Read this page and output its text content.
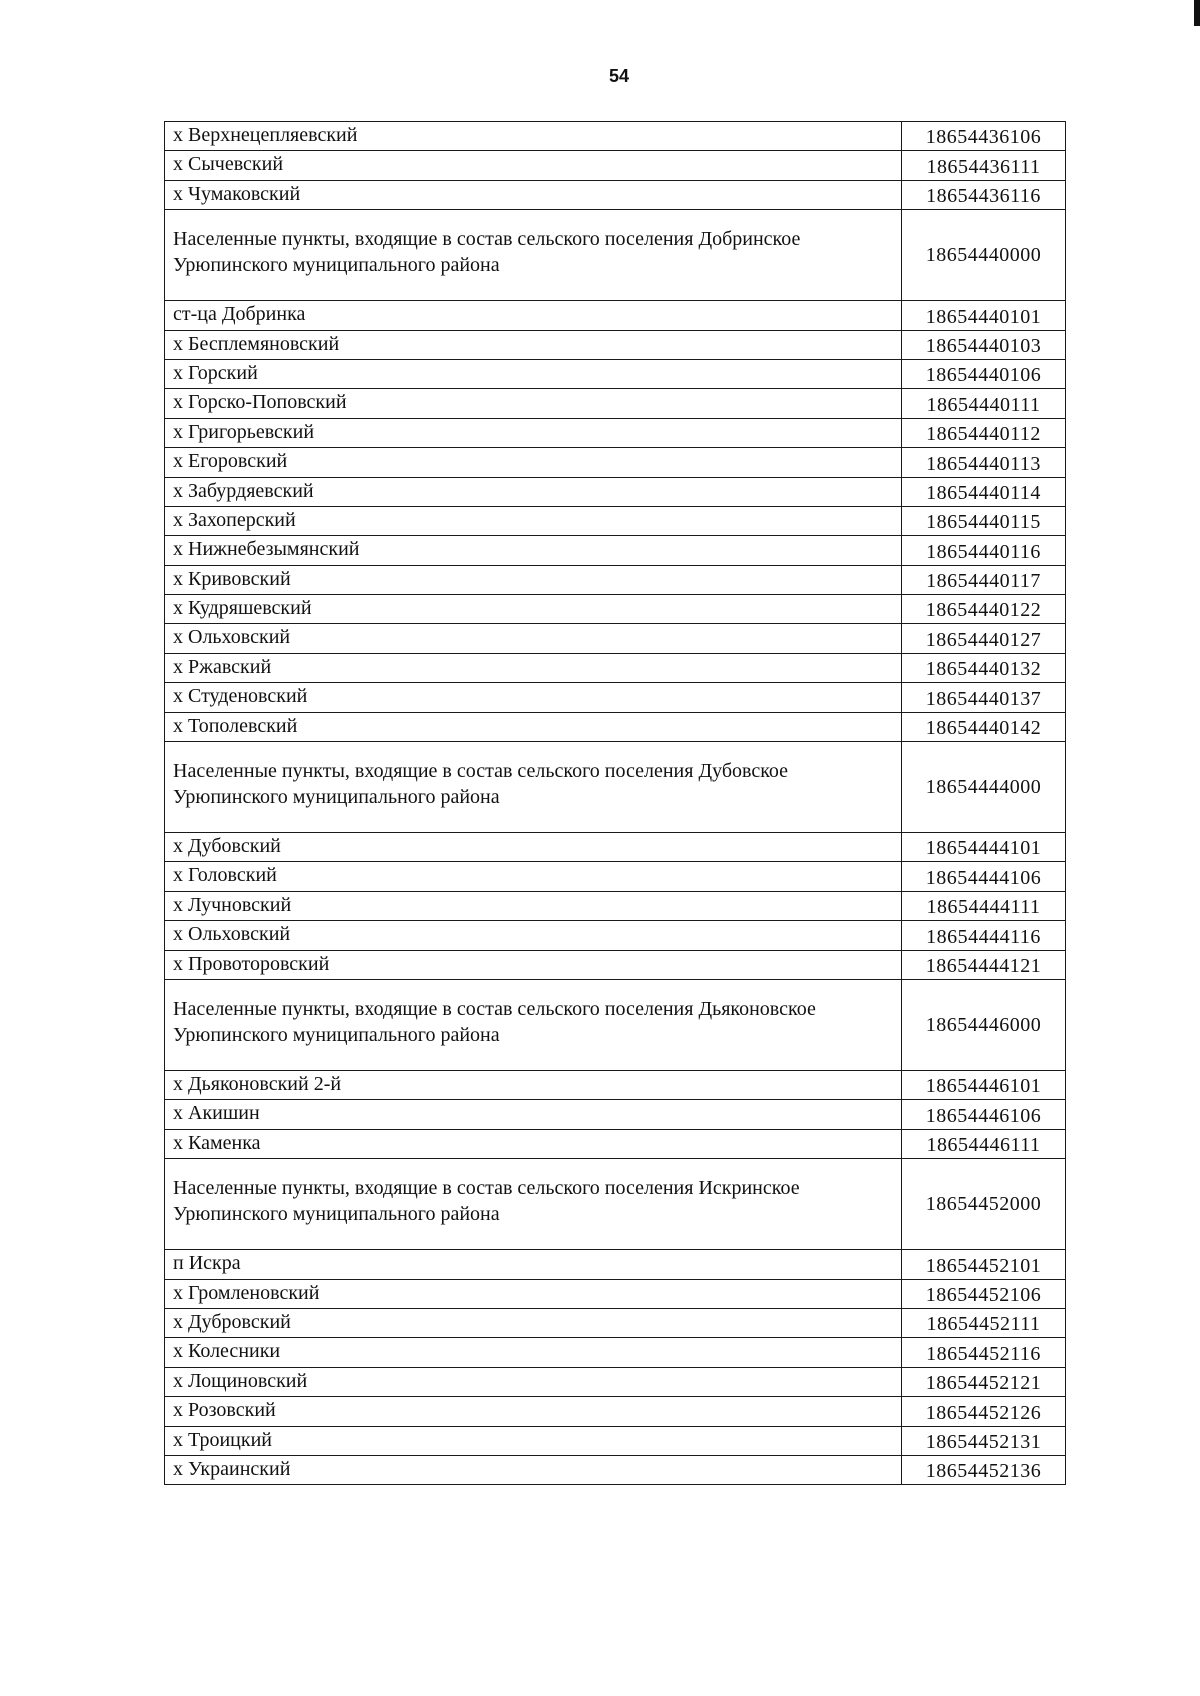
54
х Верхнецепляевский	18654436106
х Сычевский	18654436111
х Чумаковский	18654436116
Населенные пункты, входящие в состав сельского поселения Добринское Урюпинского муниципального района	18654440000
ст-ца Добринка	18654440101
х Бесплемяновский	18654440103
х Горский	18654440106
х Горско-Поповский	18654440111
х Григорьевский	18654440112
х Егоровский	18654440113
х Забурдяевский	18654440114
х Захоперский	18654440115
х Нижнебезымянский	18654440116
х Кривовский	18654440117
х Кудряшевский	18654440122
х Ольховский	18654440127
х Ржавский	18654440132
х Студеновский	18654440137
х Тополевский	18654440142
Населенные пункты, входящие в состав сельского поселения Дубовское Урюпинского муниципального района	18654444000
х Дубовский	18654444101
х Головский	18654444106
х Лучновский	18654444111
х Ольховский	18654444116
х Провоторовский	18654444121
Населенные пункты, входящие в состав сельского поселения Дьяконовское Урюпинского муниципального района	18654446000
х Дьяконовский 2-й	18654446101
х Акишин	18654446106
х Каменка	18654446111
Населенные пункты, входящие в состав сельского поселения Искринское Урюпинского муниципального района	18654452000
п Искра	18654452101
х Громленовский	18654452106
х Дубровский	18654452111
х Колесники	18654452116
х Лощиновский	18654452121
х Розовский	18654452126
х Троицкий	18654452131
х Украинский	18654452136
